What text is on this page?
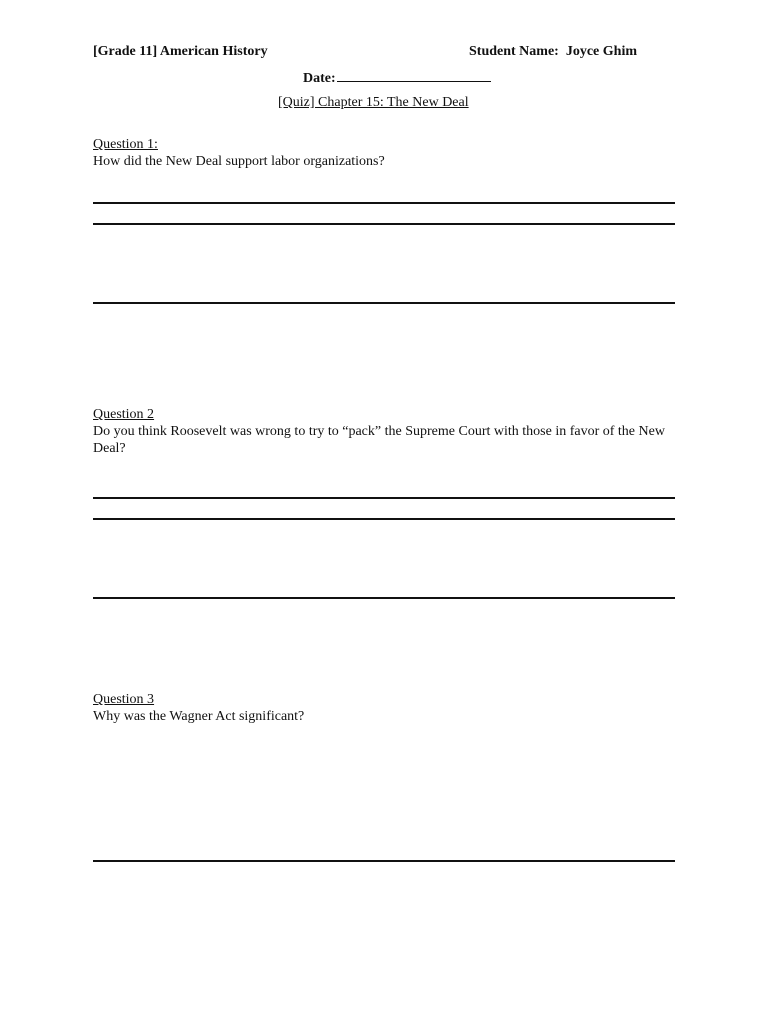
[Grade 11] American History	Student Name: Joyce Ghim
Date:
[Quiz] Chapter 15: The New Deal
Question 1:
How did the New Deal support labor organizations?
Question 2
Do you think Roosevelt was wrong to try to “pack” the Supreme Court with those in favor of the New Deal?
Question 3
Why was the Wagner Act significant?
